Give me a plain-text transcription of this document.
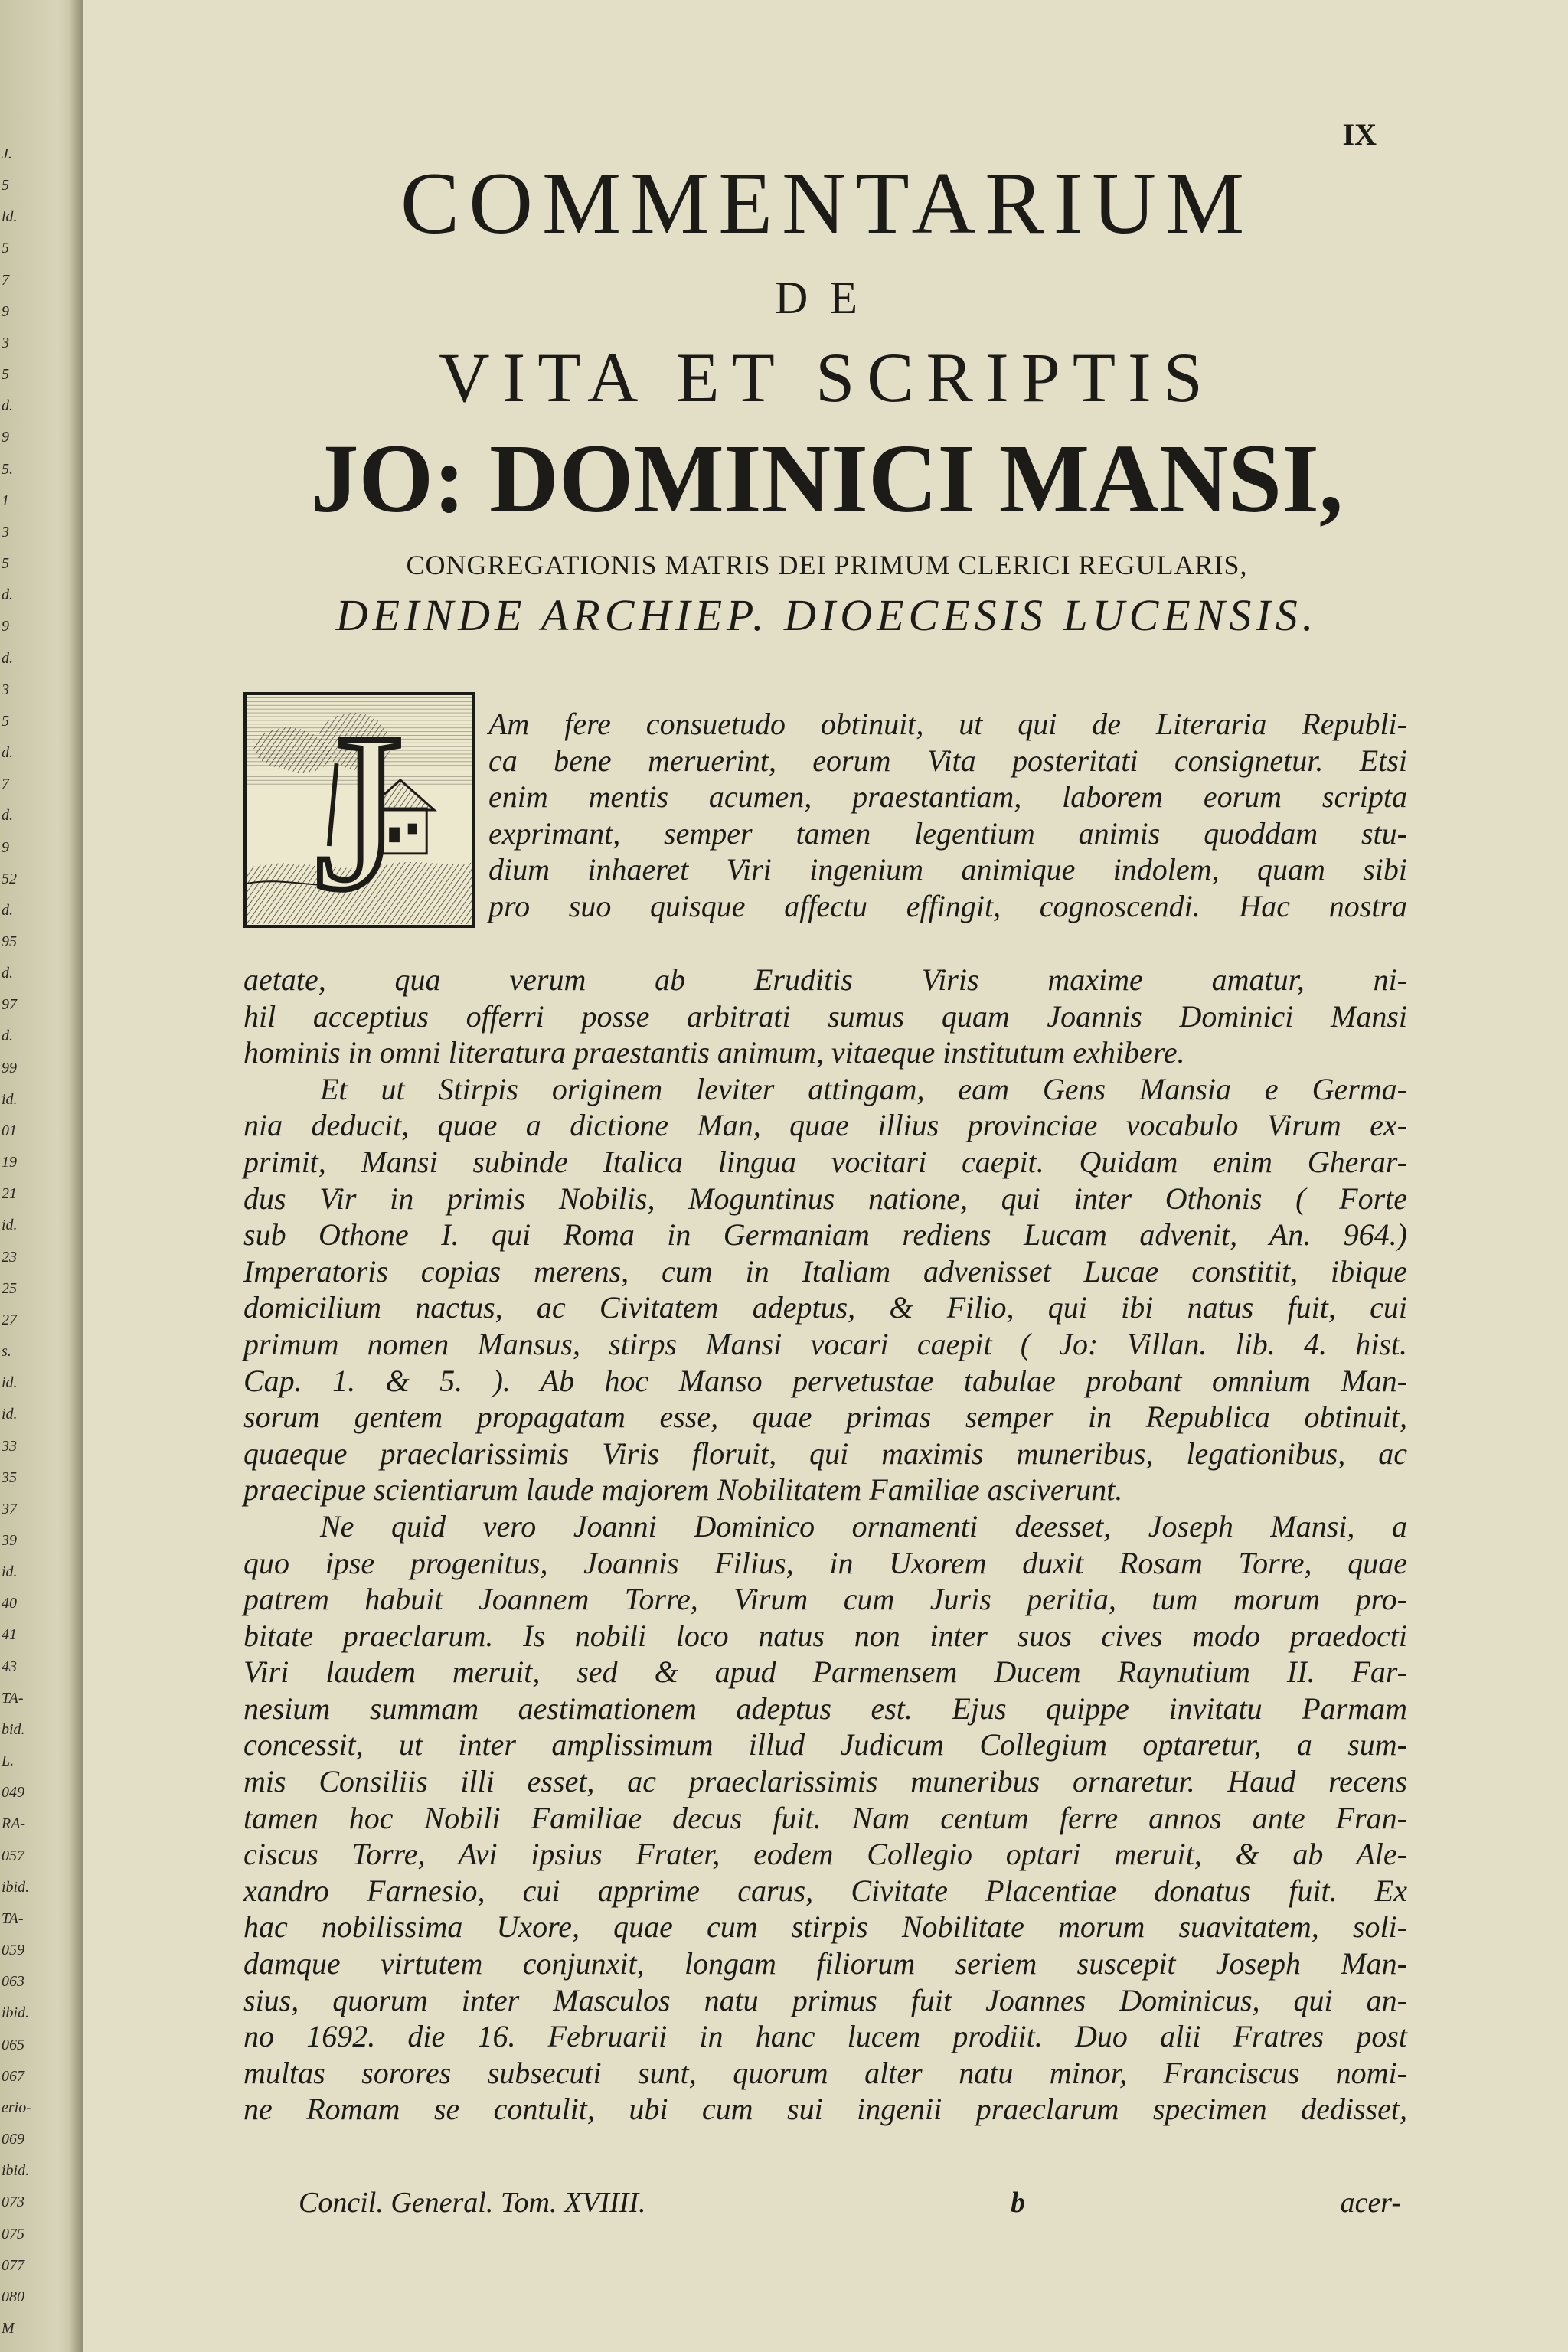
J.
5
ld.
5
7
9
3
5
d.
9
5.
1
3
5
d.
9
d.
3
5
d.
7
d.
9
52
d.
95
d.
97
d.
99
id.
01
19
21
id.
23
25
27
s.
id.
id.
33
35
37
39
id.
40
41
43
TA-
bid.
L.
049
RA-
057
ibid.
TA-
059
063
ibid.
065
067
erio-
069
ibid.
073
075
077
080
M
IX
COMMENTARIUM
DE
VITA ET SCRIPTIS
JO: DOMINICI MANSI,
CONGREGATIONIS MATRIS DEI PRIMUM CLERICI REGULARIS,
DEINDE ARCHIEP. DIOECESIS LUCENSIS.
J	Am fere consuetudo obtinuit, ut qui de Literaria Republi-
ca bene meruerint, eorum Vita posteritati consignetur. Etsi
enim mentis acumen, praestantiam, laborem eorum scripta
exprimant, semper tamen legentium animis quoddam stu-
dium inhaeret Viri ingenium animique indolem, quam sibi
pro suo quisque affectu effingit, cognoscendi. Hac nostra
aetate, qua verum ab Eruditis Viris maxime amatur, ni-
hil acceptius offerri posse arbitrati sumus quam Joannis Dominici Mansi
hominis in omni literatura praestantis animum, vitaeque institutum exhibere.
Et ut Stirpis originem leviter attingam, eam Gens Mansia e Germa-
nia deducit, quae a dictione Man, quae illius provinciae vocabulo Virum ex-
primit, Mansi subinde Italica lingua vocitari caepit. Quidam enim Gherar-
dus Vir in primis Nobilis, Moguntinus natione, qui inter Othonis ( Forte
sub Othone I. qui Roma in Germaniam rediens Lucam advenit, An. 964.)
Imperatoris copias merens, cum in Italiam advenisset Lucae constitit, ibique
domicilium nactus, ac Civitatem adeptus, & Filio, qui ibi natus fuit, cui
primum nomen Mansus, stirps Mansi vocari caepit ( Jo: Villan. lib. 4. hist.
Cap. 1. & 5. ). Ab hoc Manso pervetustae tabulae probant omnium Man-
sorum gentem propagatam esse, quae primas semper in Republica obtinuit,
quaeque praeclarissimis Viris floruit, qui maximis muneribus, legationibus, ac
praecipue scientiarum laude majorem Nobilitatem Familiae asciverunt.
Ne quid vero Joanni Dominico ornamenti deesset, Joseph Mansi, a
quo ipse progenitus, Joannis Filius, in Uxorem duxit Rosam Torre, quae
patrem habuit Joannem Torre, Virum cum Juris peritia, tum morum pro-
bitate praeclarum. Is nobili loco natus non inter suos cives modo praedocti
Viri laudem meruit, sed & apud Parmensem Ducem Raynutium II. Far-
nesium summam aestimationem adeptus est. Ejus quippe invitatu Parmam
concessit, ut inter amplissimum illud Judicum Collegium optaretur, a sum-
mis Consiliis illi esset, ac praeclarissimis muneribus ornaretur. Haud recens
tamen hoc Nobili Familiae decus fuit. Nam centum ferre annos ante Fran-
ciscus Torre, Avi ipsius Frater, eodem Collegio optari meruit, & ab Ale-
xandro Farnesio, cui apprime carus, Civitate Placentiae donatus fuit. Ex
hac nobilissima Uxore, quae cum stirpis Nobilitate morum suavitatem, soli-
damque virtutem conjunxit, longam filiorum seriem suscepit Joseph Man-
sius, quorum inter Masculos natu primus fuit Joannes Dominicus, qui an-
no 1692. die 16. Februarii in hanc lucem prodiit. Duo alii Fratres post
multas sorores subsecuti sunt, quorum alter natu minor, Franciscus nomi-
ne Romam se contulit, ubi cum sui ingenii praeclarum specimen dedisset,
Concil. General. Tom. XVIIII.	b	acer-
